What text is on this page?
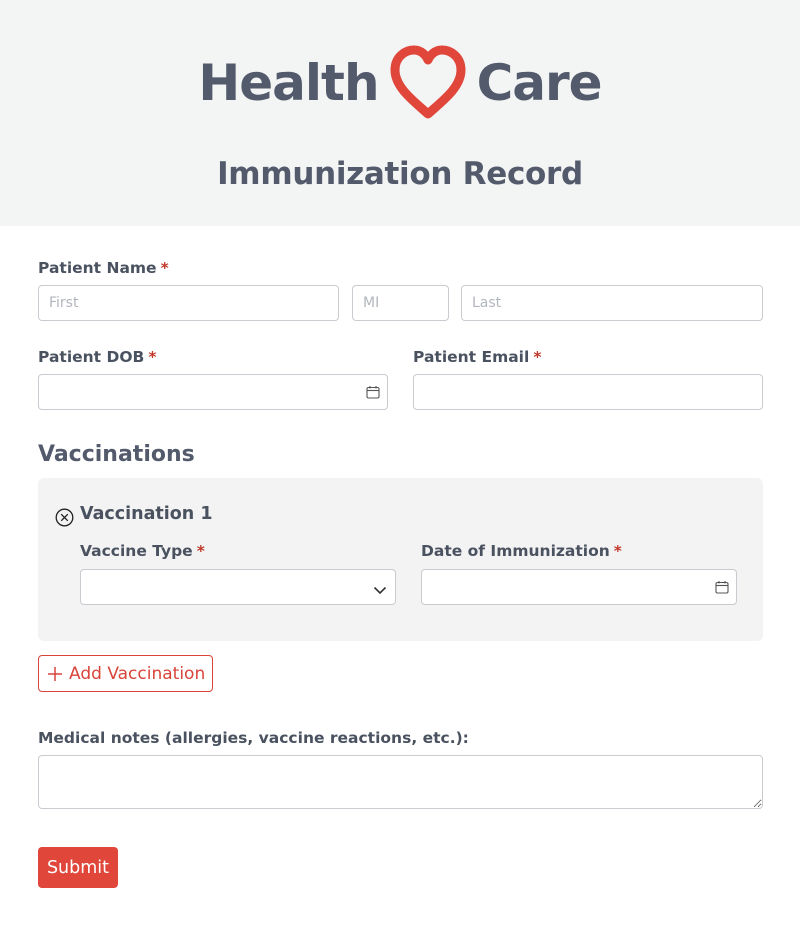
Health Care
Immunization Record
Patient Name *
First
MI
Last
Patient DOB *	Patient Email *
Vaccinations
Vaccination 1
Vaccine Type *	Date of Immunization *
Add Vaccination
Medical notes (allergies, vaccine reactions, etc.):
Submit
